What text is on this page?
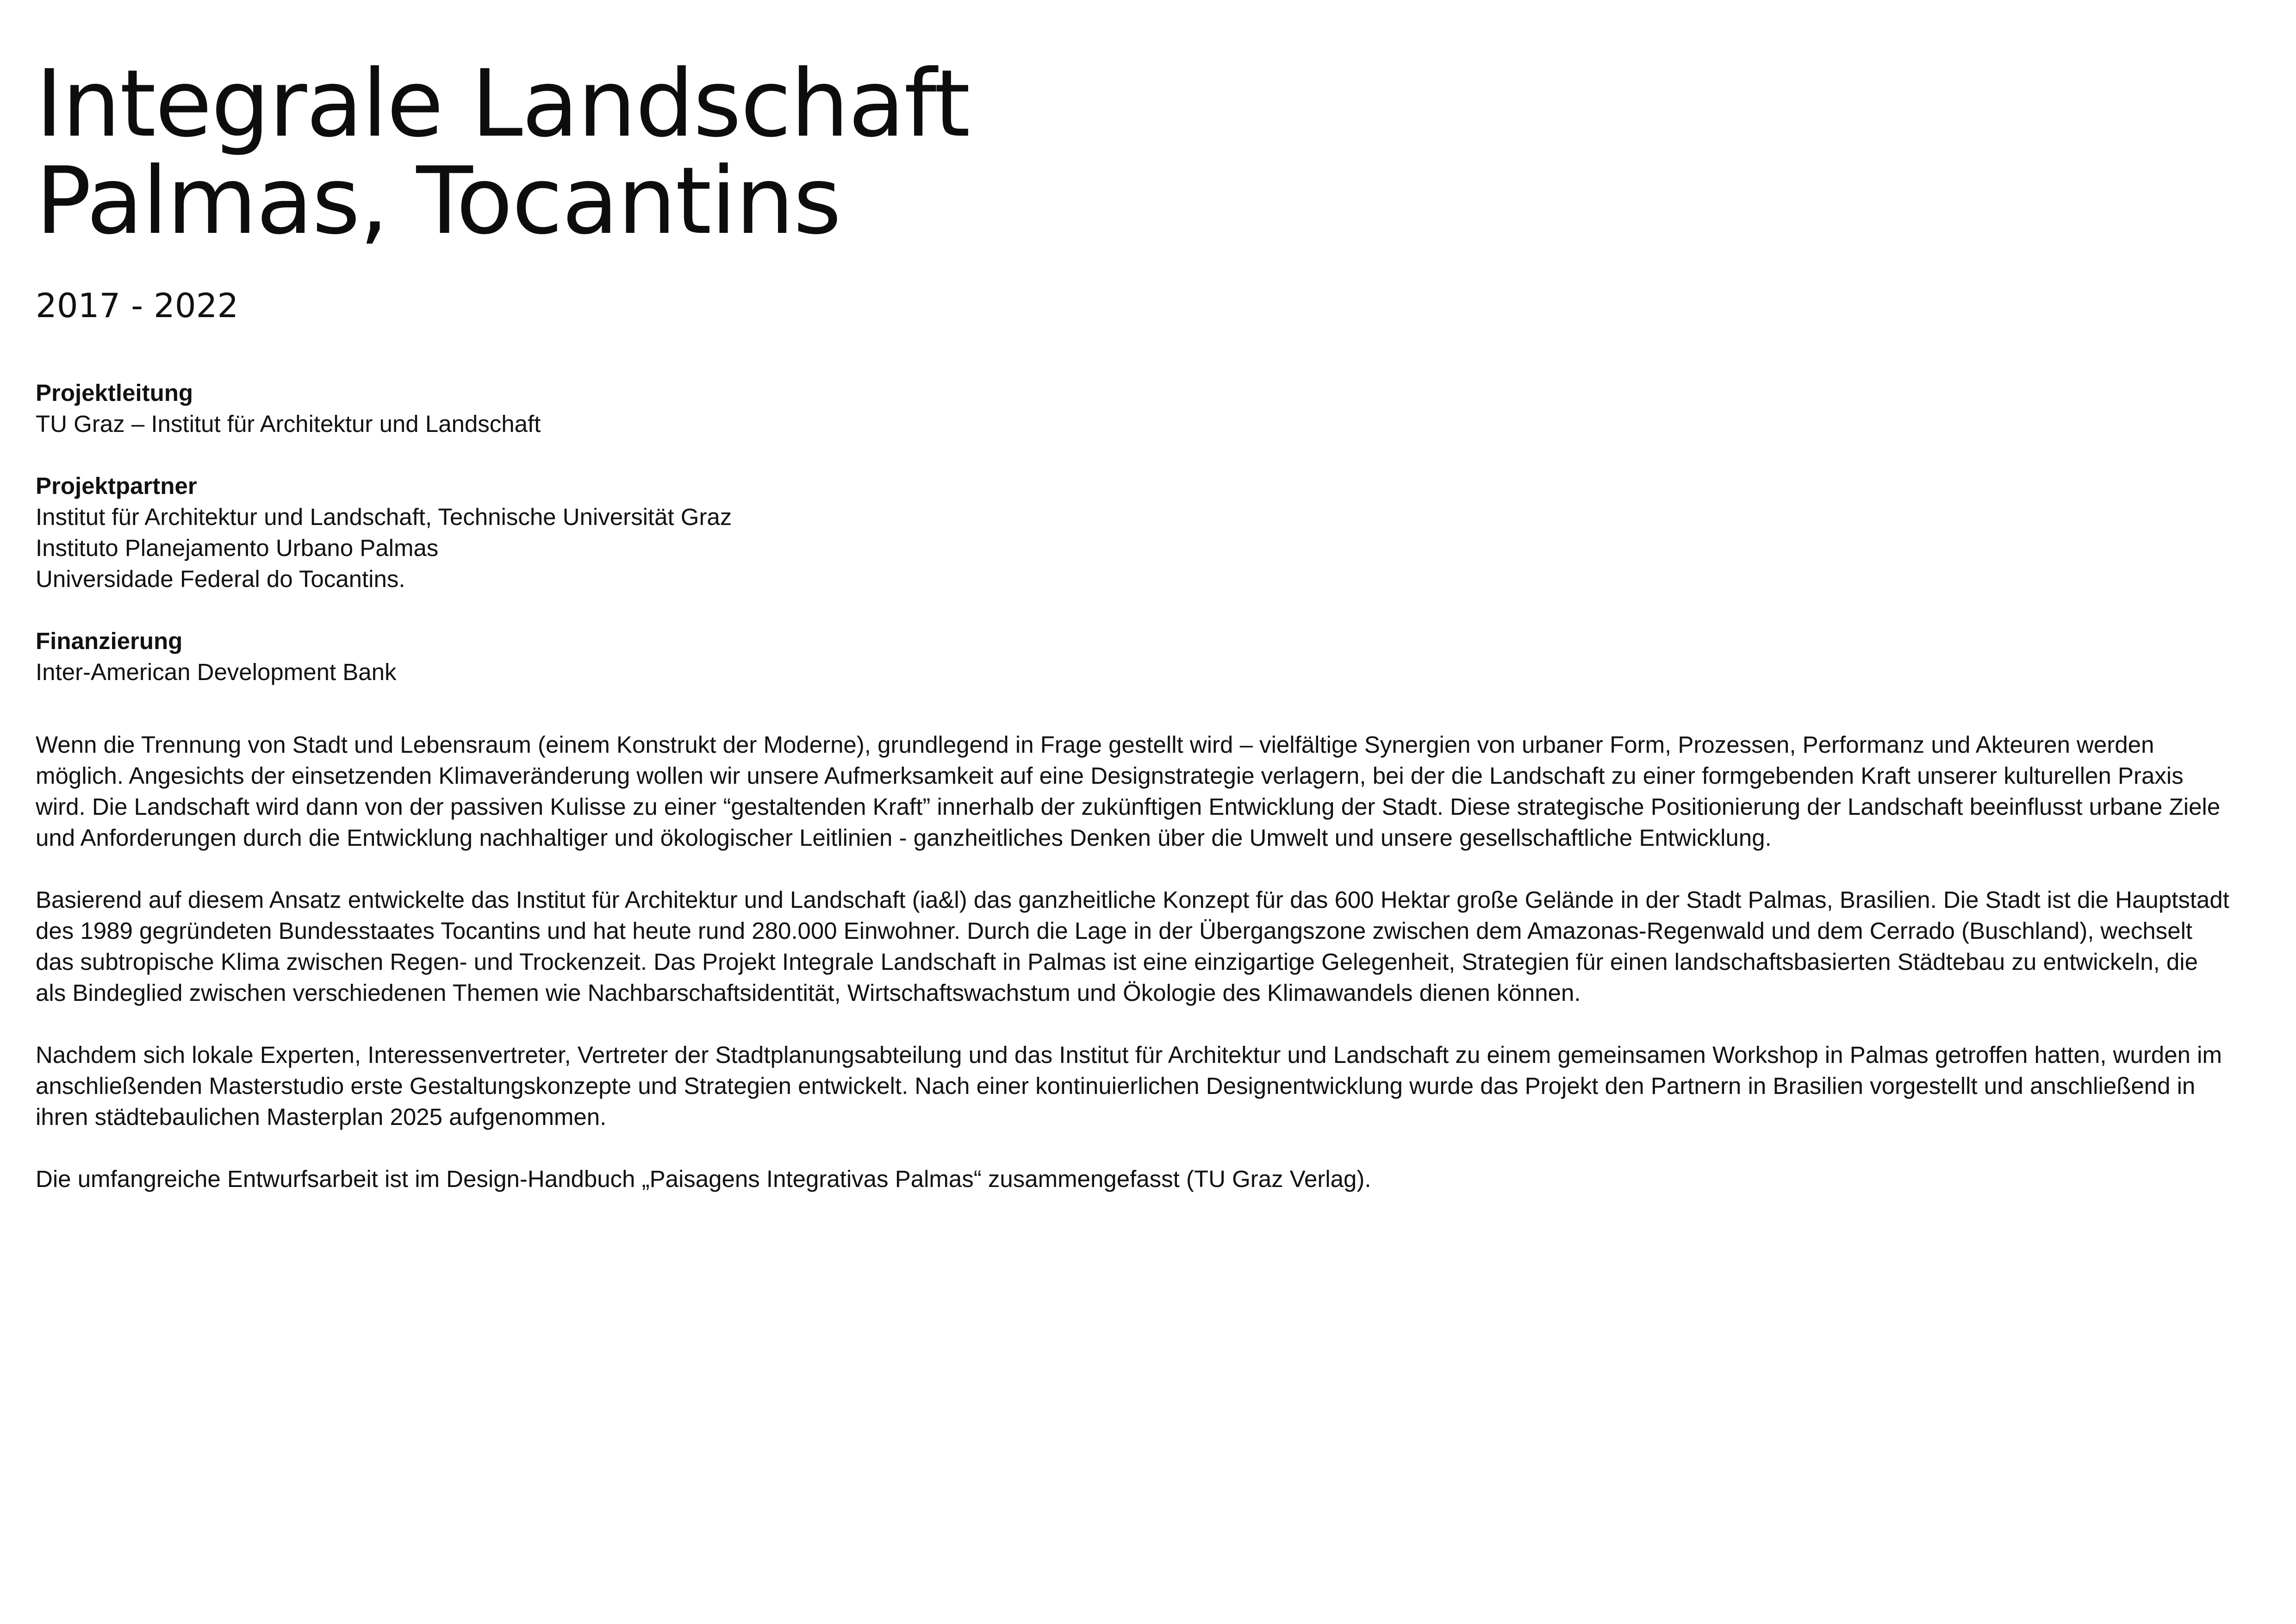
Integrale Landschaft
Palmas, Tocantins
2017 - 2022
Projektleitung
TU Graz – Institut für Architektur und Landschaft
Projektpartner
Institut für Architektur und Landschaft, Technische Universität Graz
Instituto Planejamento Urbano Palmas
Universidade Federal do Tocantins.
Finanzierung
Inter-American Development Bank

Wenn die Trennung von Stadt und Lebensraum (einem Konstrukt der Moderne), grundlegend in Frage gestellt wird – vielfältige Synergien von urbaner Form, Prozessen, Performanz und Akteuren werden möglich. Angesichts der einsetzenden Klimaveränderung wollen wir unsere Aufmerksamkeit auf eine Designstrategie verlagern, bei der die Landschaft zu einer formgebenden Kraft unserer kulturellen Praxis wird. Die Landschaft wird dann von der passiven Kulisse zu einer “gestaltenden Kraft” innerhalb der zukünftigen Entwicklung der Stadt. Diese strategische Positionierung der Landschaft beeinflusst urbane Ziele und Anforderungen durch die Entwicklung nachhaltiger und ökologischer Leitlinien - ganzheitliches Denken über die Umwelt und unsere gesellschaftliche Entwicklung.

Basierend auf diesem Ansatz entwickelte das Institut für Architektur und Landschaft (ia&l) das ganzheitliche Konzept für das 600 Hektar große Gelände in der Stadt Palmas, Brasilien. Die Stadt ist die Hauptstadt des 1989 gegründeten Bundesstaates Tocantins und hat heute rund 280.000 Einwohner. Durch die Lage in der Übergangszone zwischen dem Amazonas-Regenwald und dem Cerrado (Buschland), wechselt das subtropische Klima zwischen Regen- und Trockenzeit. Das Projekt Integrale Landschaft in Palmas ist eine einzigartige Gelegenheit, Strategien für einen landschaftsbasierten Städtebau zu entwickeln, die als Bindeglied zwischen verschiedenen Themen wie Nachbarschaftsidentität, Wirtschaftswachstum und Ökologie des Klimawandels dienen können.

Nachdem sich lokale Experten, Interessenvertreter, Vertreter der Stadtplanungsabteilung und das Institut für Architektur und Landschaft zu einem gemeinsamen Workshop in Palmas getroffen hatten, wurden im anschließenden Masterstudio erste Gestaltungskonzepte und Strategien entwickelt. Nach einer kontinuierlichen Designentwicklung wurde das Projekt den Partnern in Brasilien vorgestellt und anschließend in ihren städtebaulichen Masterplan 2025 aufgenommen.

Die umfangreiche Entwurfsarbeit ist im Design-Handbuch „Paisagens Integrativas Palmas“ zusammengefasst (TU Graz Verlag).
